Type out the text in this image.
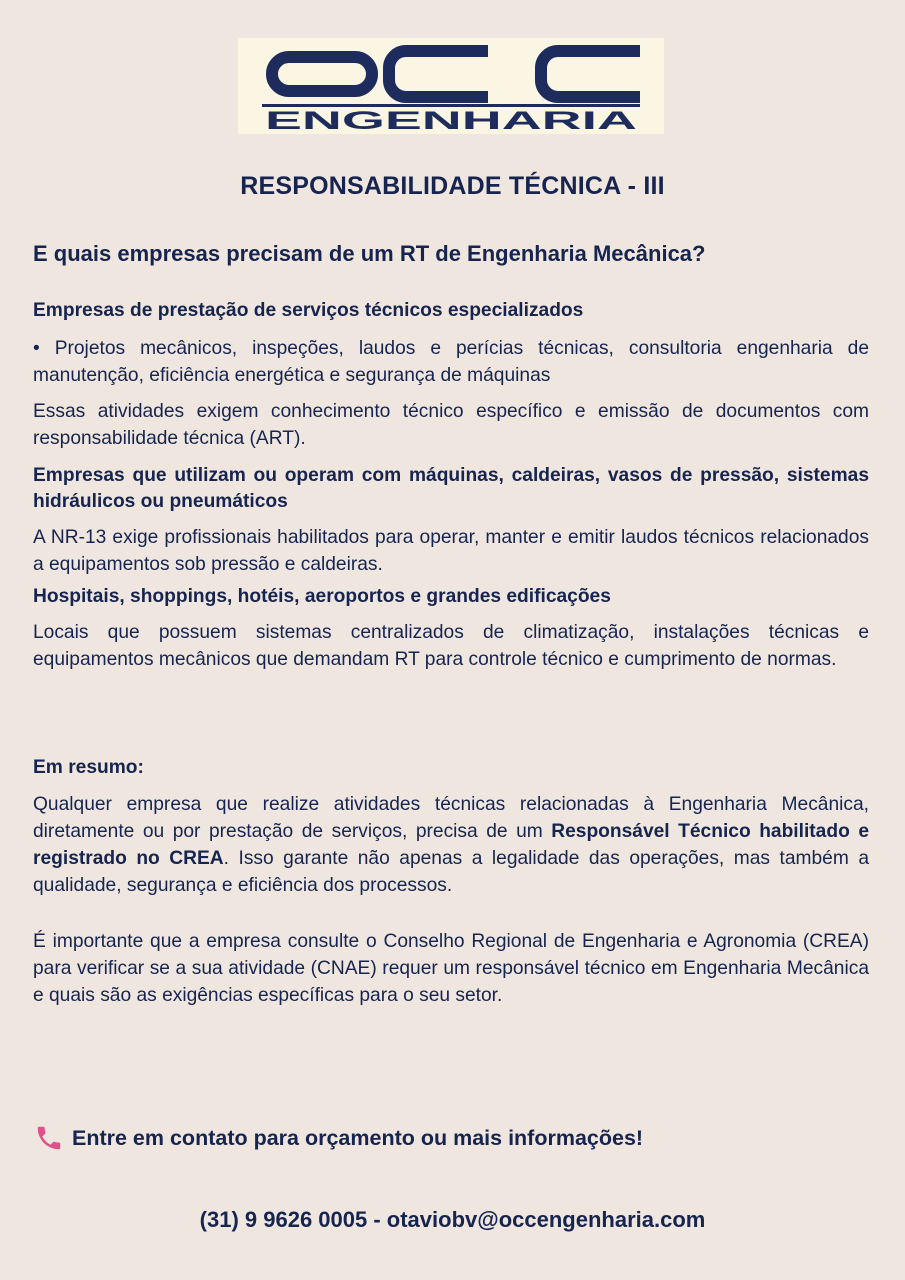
ENGENHARIA
RESPONSABILIDADE TÉCNICA - III
E quais empresas precisam de um RT de Engenharia Mecânica?
Empresas de prestação de serviços técnicos especializados
• Projetos mecânicos, inspeções, laudos e perícias técnicas, consultoria engenharia de manutenção, eficiência energética e segurança de máquinas
Essas atividades exigem conhecimento técnico específico e emissão de documentos com responsabilidade técnica (ART).
Empresas que utilizam ou operam com máquinas, caldeiras, vasos de pressão, sistemas hidráulicos ou pneumáticos
A NR-13 exige profissionais habilitados para operar, manter e emitir laudos técnicos relacionados a equipamentos sob pressão e caldeiras.
Hospitais, shoppings, hotéis, aeroportos e grandes edificações
Locais que possuem sistemas centralizados de climatização, instalações técnicas e equipamentos mecânicos que demandam RT para controle técnico e cumprimento de normas.
Em resumo:
Qualquer empresa que realize atividades técnicas relacionadas à Engenharia Mecânica, diretamente ou por prestação de serviços, precisa de um Responsável Técnico habilitado e registrado no CREA. Isso garante não apenas a legalidade das operações, mas também a qualidade, segurança e eficiência dos processos.
É importante que a empresa consulte o Conselho Regional de Engenharia e Agronomia (CREA) para verificar se a sua atividade (CNAE) requer um responsável técnico em Engenharia Mecânica e quais são as exigências específicas para o seu setor.
Entre em contato para orçamento ou mais informações!
(31) 9 9626 0005 - otaviobv@occengenharia.com
